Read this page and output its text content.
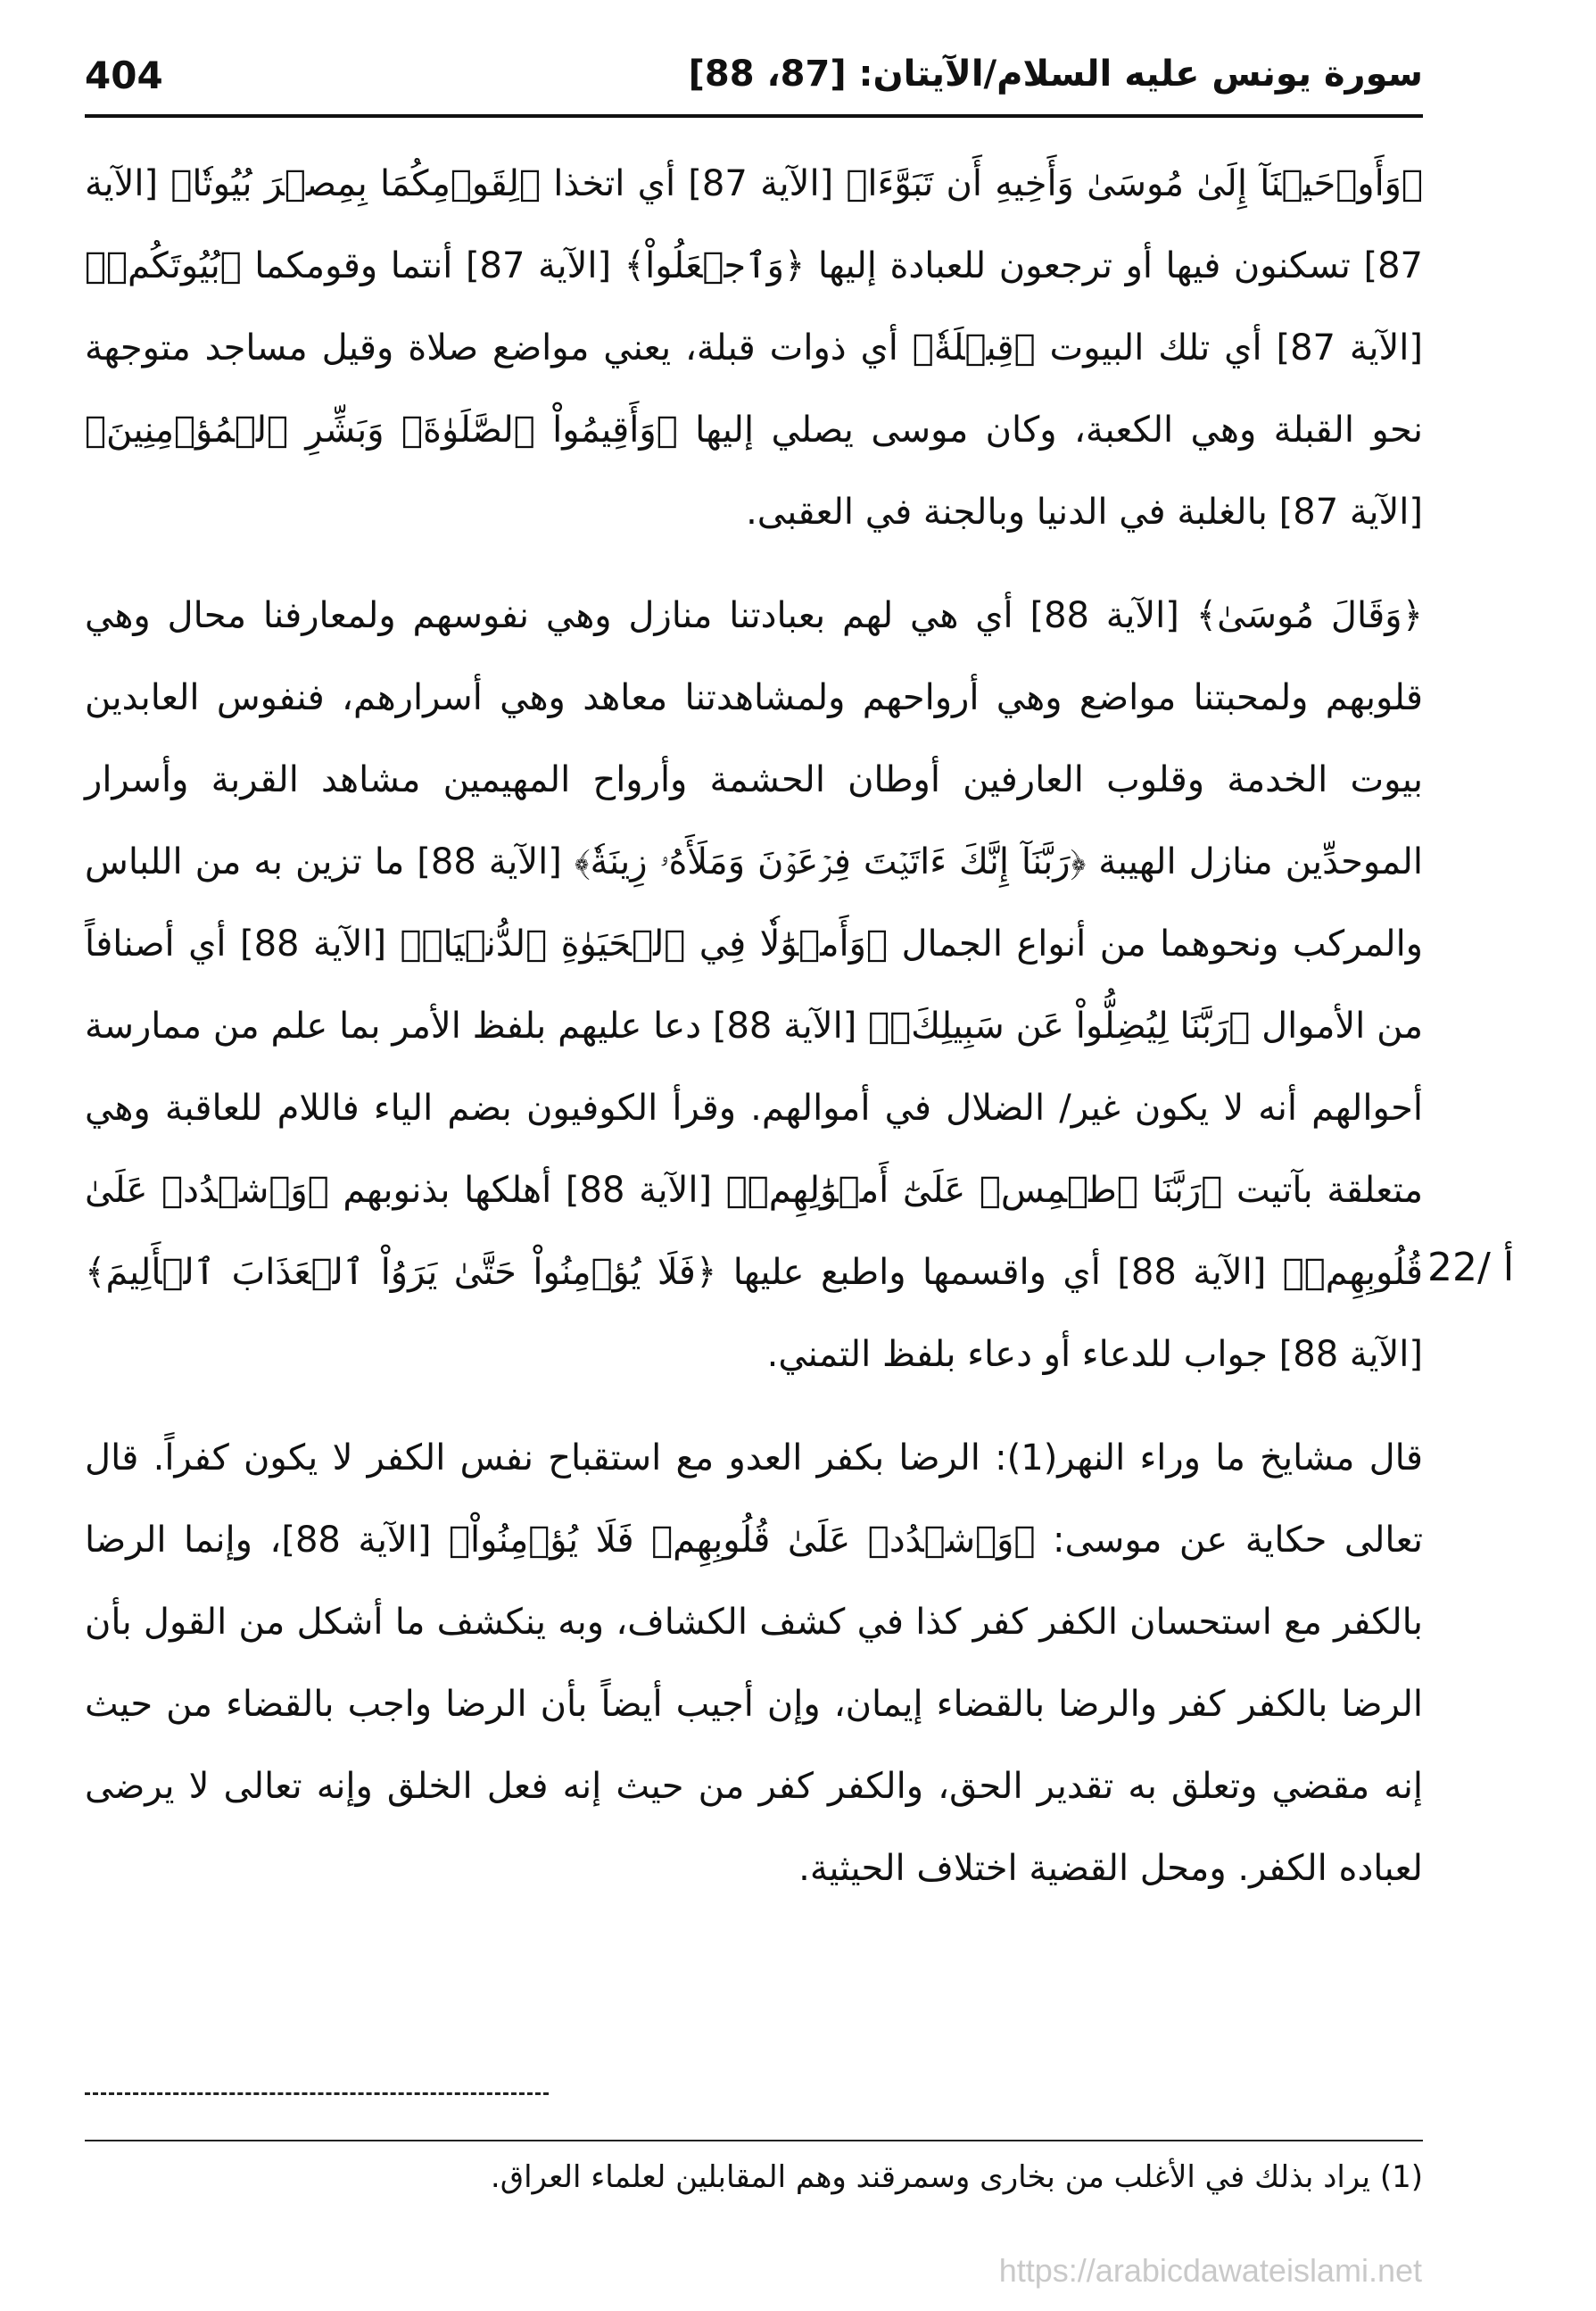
404	سورة يونس عليه السلام/الآيتان: [87، 88]

﴿وَأَوۡحَيۡنَآ إِلَىٰ مُوسَىٰ وَأَخِيهِ أَن تَبَوَّءَا﴾ [الآية 87] أي اتخذا ﴿لِقَوۡمِكُمَا بِمِصۡرَ بُيُوتٗا﴾ [الآية 87] تسكنون فيها أو ترجعون للعبادة إليها ﴿وَٱجۡعَلُواْ﴾ [الآية 87] أنتما وقومكما ﴿بُيُوتَكُمۡ﴾ [الآية 87] أي تلك البيوت ﴿قِبۡلَةٗ﴾ أي ذوات قبلة، يعني مواضع صلاة وقيل مساجد متوجهة نحو القبلة وهي الكعبة، وكان موسى يصلي إليها ﴿وَأَقِيمُواْ ٱلصَّلَوٰةَۗ وَبَشِّرِ ٱلۡمُؤۡمِنِينَ﴾ [الآية 87] بالغلبة في الدنيا وبالجنة في العقبى.

﴿وَقَالَ مُوسَىٰ﴾ [الآية 88] أي هي لهم بعبادتنا منازل وهي نفوسهم ولمعارفنا محال وهي قلوبهم ولمحبتنا مواضع وهي أرواحهم ولمشاهدتنا معاهد وهي أسرارهم، فنفوس العابدين بيوت الخدمة وقلوب العارفين أوطان الحشمة وأرواح المهيمين مشاهد القربة وأسرار الموحدِّين منازل الهيبة ﴿رَبَّنَآ إِنَّكَ ءَاتَيۡتَ فِرۡعَوۡنَ وَمَلَأَهُۥ زِينَةٗ﴾ [الآية 88] ما تزين به من اللباس والمركب ونحوهما من أنواع الجمال ﴿وَأَمۡوَٰلٗا فِي ٱلۡحَيَوٰةِ ٱلدُّنۡيَاۖ﴾ [الآية 88] أي أصنافاً من الأموال ﴿رَبَّنَا لِيُضِلُّواْ عَن سَبِيلِكَۖ﴾ [الآية 88] دعا عليهم بلفظ الأمر بما علم من ممارسة أحوالهم أنه لا يكون غير/ الضلال في أموالهم. وقرأ الكوفيون بضم الياء فاللام للعاقبة وهي متعلقة بآتيت ﴿رَبَّنَا ٱطۡمِسۡ عَلَىٰٓ أَمۡوَٰلِهِمۡ﴾ [الآية 88] أهلكها بذنوبهم ﴿وَٱشۡدُدۡ عَلَىٰ قُلُوبِهِمۡ﴾ [الآية 88] أي واقسمها واطبع عليها ﴿فَلَا يُؤۡمِنُواْ حَتَّىٰ يَرَوُاْ ٱلۡعَذَابَ ٱلۡأَلِيمَ﴾ [الآية 88] جواب للدعاء أو دعاء بلفظ التمني.

قال مشايخ ما وراء النهر(1): الرضا بكفر العدو مع استقباح نفس الكفر لا يكون كفراً. قال تعالى حكاية عن موسى: ﴿وَٱشۡدُدۡ عَلَىٰ قُلُوبِهِمۡ فَلَا يُؤۡمِنُواْ﴾ [الآية 88]، وإنما الرضا بالكفر مع استحسان الكفر كفر كذا في كشف الكشاف، وبه ينكشف ما أشكل من القول بأن الرضا بالكفر كفر والرضا بالقضاء إيمان، وإن أجيب أيضاً بأن الرضا واجب بالقضاء من حيث إنه مقضي وتعلق به تقدير الحق، والكفر كفر من حيث إنه فعل الخلق وإنه تعالى لا يرضى لعباده الكفر. ومحل القضية اختلاف الحيثية.

22/ أ
(1) يراد بذلك في الأغلب من بخارى وسمرقند وهم المقابلين لعلماء العراق.
https://arabicdawateislami.net
